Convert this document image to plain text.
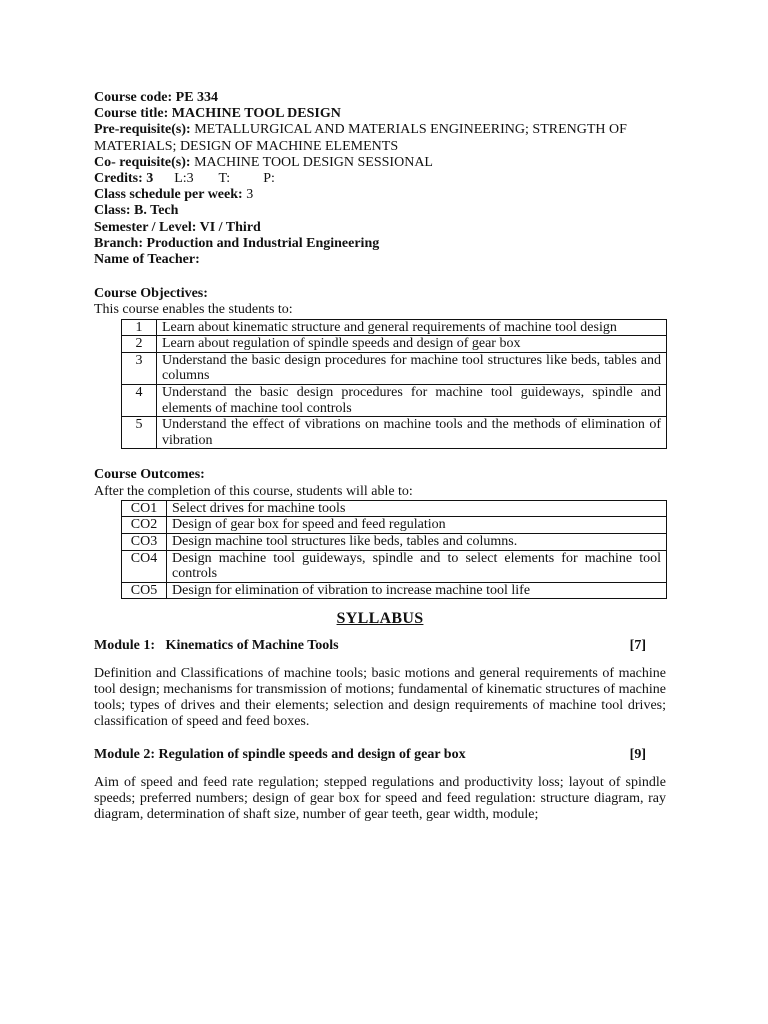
Course code: PE 334
Course title: MACHINE TOOL DESIGN
Pre-requisite(s): METALLURGICAL AND MATERIALS ENGINEERING; STRENGTH OF MATERIALS; DESIGN OF MACHINE ELEMENTS
Co- requisite(s): MACHINE TOOL DESIGN SESSIONAL
Credits: 3 L:3 T: P:
Class schedule per week: 3
Class: B. Tech
Semester / Level: VI / Third
Branch: Production and Industrial Engineering
Name of Teacher:
Course Objectives:
This course enables the students to:
1	Learn about kinematic structure and general requirements of machine tool design
2	Learn about regulation of spindle speeds and design of gear box
3	Understand the basic design procedures for machine tool structures like beds, tables and columns
4	Understand the basic design procedures for machine tool guideways, spindle and elements of machine tool controls
5	Understand the effect of vibrations on machine tools and the methods of elimination of vibration
Course Outcomes:
After the completion of this course, students will able to:
CO1	Select drives for machine tools
CO2	Design of gear box for speed and feed regulation
CO3	Design machine tool structures like beds, tables and columns.
CO4	Design machine tool guideways, spindle and to select elements for machine tool controls
CO5	Design for elimination of vibration to increase machine tool life
SYLLABUS
Module 1:   Kinematics of Machine Tools	[7]
Definition and Classifications of machine tools; basic motions and general requirements of machine tool design; mechanisms for transmission of motions; fundamental of kinematic structures of machine tools; types of drives and their elements; selection and design requirements of machine tool drives; classification of speed and feed boxes.
Module 2: Regulation of spindle speeds and design of gear box	[9]
Aim of speed and feed rate regulation; stepped regulations and productivity loss; layout of spindle speeds; preferred numbers; design of gear box for speed and feed regulation: structure diagram, ray diagram, determination of shaft size, number of gear teeth, gear width, module;
